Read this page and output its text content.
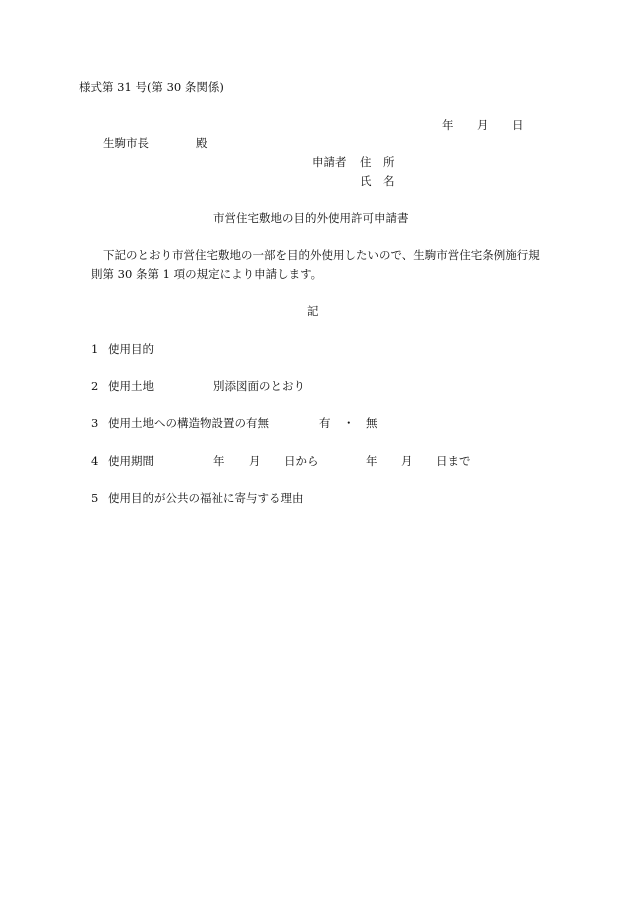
様式第 31 号(第 30 条関係)
年 月 日
生駒市長	殿
申請者 住　所
氏　名
市営住宅敷地の目的外使用許可申請書
下記のとおり市営住宅敷地の一部を目的外使用したいので、生駒市営住宅条例施行規
則第 30 条第 1 項の規定により申請します。
記
1 使用目的
2 使用土地	別添図面のとおり
3 使用土地への構造物設置の有無	有 ・ 無
4 使用期間	年 月 日から	年 月 日まで
5 使用目的が公共の福祉に寄与する理由
